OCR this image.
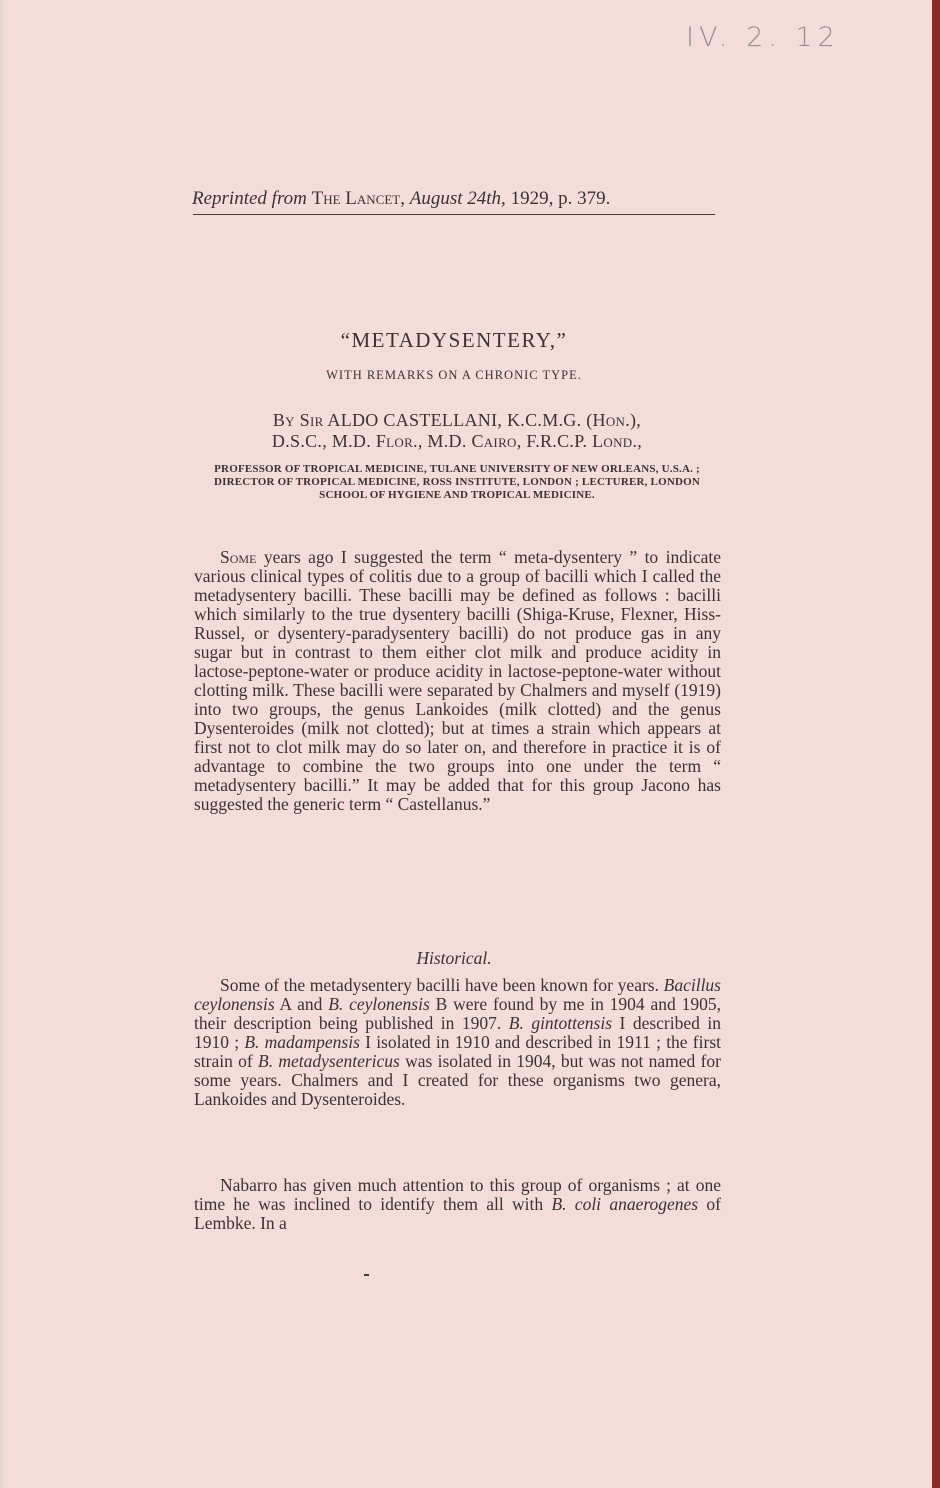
IV. 2. 12
Reprinted from The Lancet, August 24th, 1929, p. 379.
“METADYSENTERY,”
WITH REMARKS ON A CHRONIC TYPE.
By Sir ALDO CASTELLANI, K.C.M.G. (Hon.),
D.S.C., M.D. Flor., M.D. Cairo, F.R.C.P. Lond.,
PROFESSOR OF TROPICAL MEDICINE, TULANE UNIVERSITY OF NEW ORLEANS, U.S.A. ; DIRECTOR OF TROPICAL MEDICINE, ROSS INSTITUTE, LONDON ; LECTURER, LONDON SCHOOL OF HYGIENE AND TROPICAL MEDICINE.
Some years ago I suggested the term “ meta-dysentery ” to indicate various clinical types of colitis due to a group of bacilli which I called the metadysentery bacilli. These bacilli may be defined as follows : bacilli which similarly to the true dysentery bacilli (Shiga-Kruse, Flexner, Hiss-Russel, or dysentery-paradysentery bacilli) do not produce gas in any sugar but in contrast to them either clot milk and produce acidity in lactose-peptone-water or produce acidity in lactose-peptone-water without clotting milk. These bacilli were separated by Chalmers and myself (1919) into two groups, the genus Lankoides (milk clotted) and the genus Dysenteroides (milk not clotted); but at times a strain which appears at first not to clot milk may do so later on, and therefore in practice it is of advantage to combine the two groups into one under the term “ metadysentery bacilli.” It may be added that for this group Jacono has suggested the generic term “ Castellanus.”
Historical.
Some of the metadysentery bacilli have been known for years. Bacillus ceylonensis A and B. ceylonensis B were found by me in 1904 and 1905, their description being published in 1907. B. gintottensis I described in 1910 ; B. madampensis I isolated in 1910 and described in 1911 ; the first strain of B. metadysentericus was isolated in 1904, but was not named for some years. Chalmers and I created for these organisms two genera, Lankoides and Dysenteroides.
Nabarro has given much attention to this group of organisms ; at one time he was inclined to identify them all with B. coli anaerogenes of Lembke. In a
